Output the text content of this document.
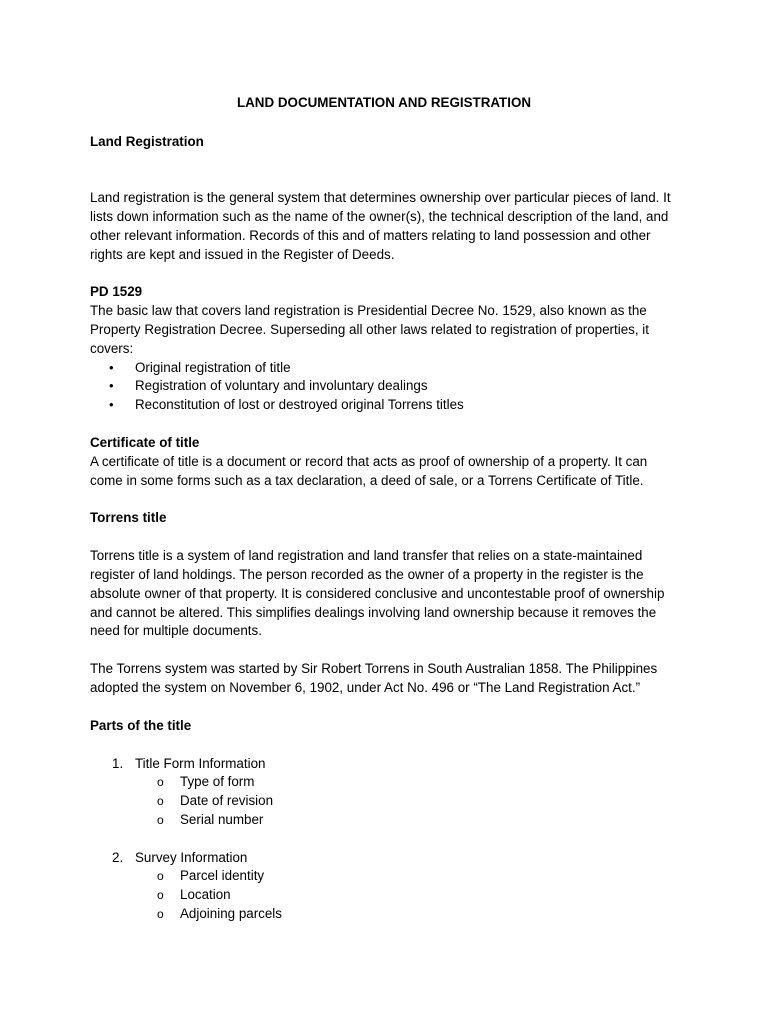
LAND DOCUMENTATION AND REGISTRATION

Land Registration

Land registration is the general system that determines ownership over particular pieces of land. It lists down information such as the name of the owner(s), the technical description of the land, and other relevant information. Records of this and of matters relating to land possession and other rights are kept and issued in the Register of Deeds.

PD 1529

The basic law that covers land registration is Presidential Decree No. 1529, also known as the Property Registration Decree. Superseding all other laws related to registration of properties, it covers:

• Original registration of title
• Registration of voluntary and involuntary dealings
• Reconstitution of lost or destroyed original Torrens titles

Certificate of title

A certificate of title is a document or record that acts as proof of ownership of a property. It can come in some forms such as a tax declaration, a deed of sale, or a Torrens Certificate of Title.

Torrens title

Torrens title is a system of land registration and land transfer that relies on a state-maintained register of land holdings. The person recorded as the owner of a property in the register is the absolute owner of that property. It is considered conclusive and uncontestable proof of ownership and cannot be altered. This simplifies dealings involving land ownership because it removes the need for multiple documents.

The Torrens system was started by Sir Robert Torrens in South Australian 1858. The Philippines adopted the system on November 6, 1902, under Act No. 496 or “The Land Registration Act.”

Parts of the title

1. Title Form Information
o Type of form
o Date of revision
o Serial number
2. Survey Information
o Parcel identity
o Location
o Adjoining parcels
